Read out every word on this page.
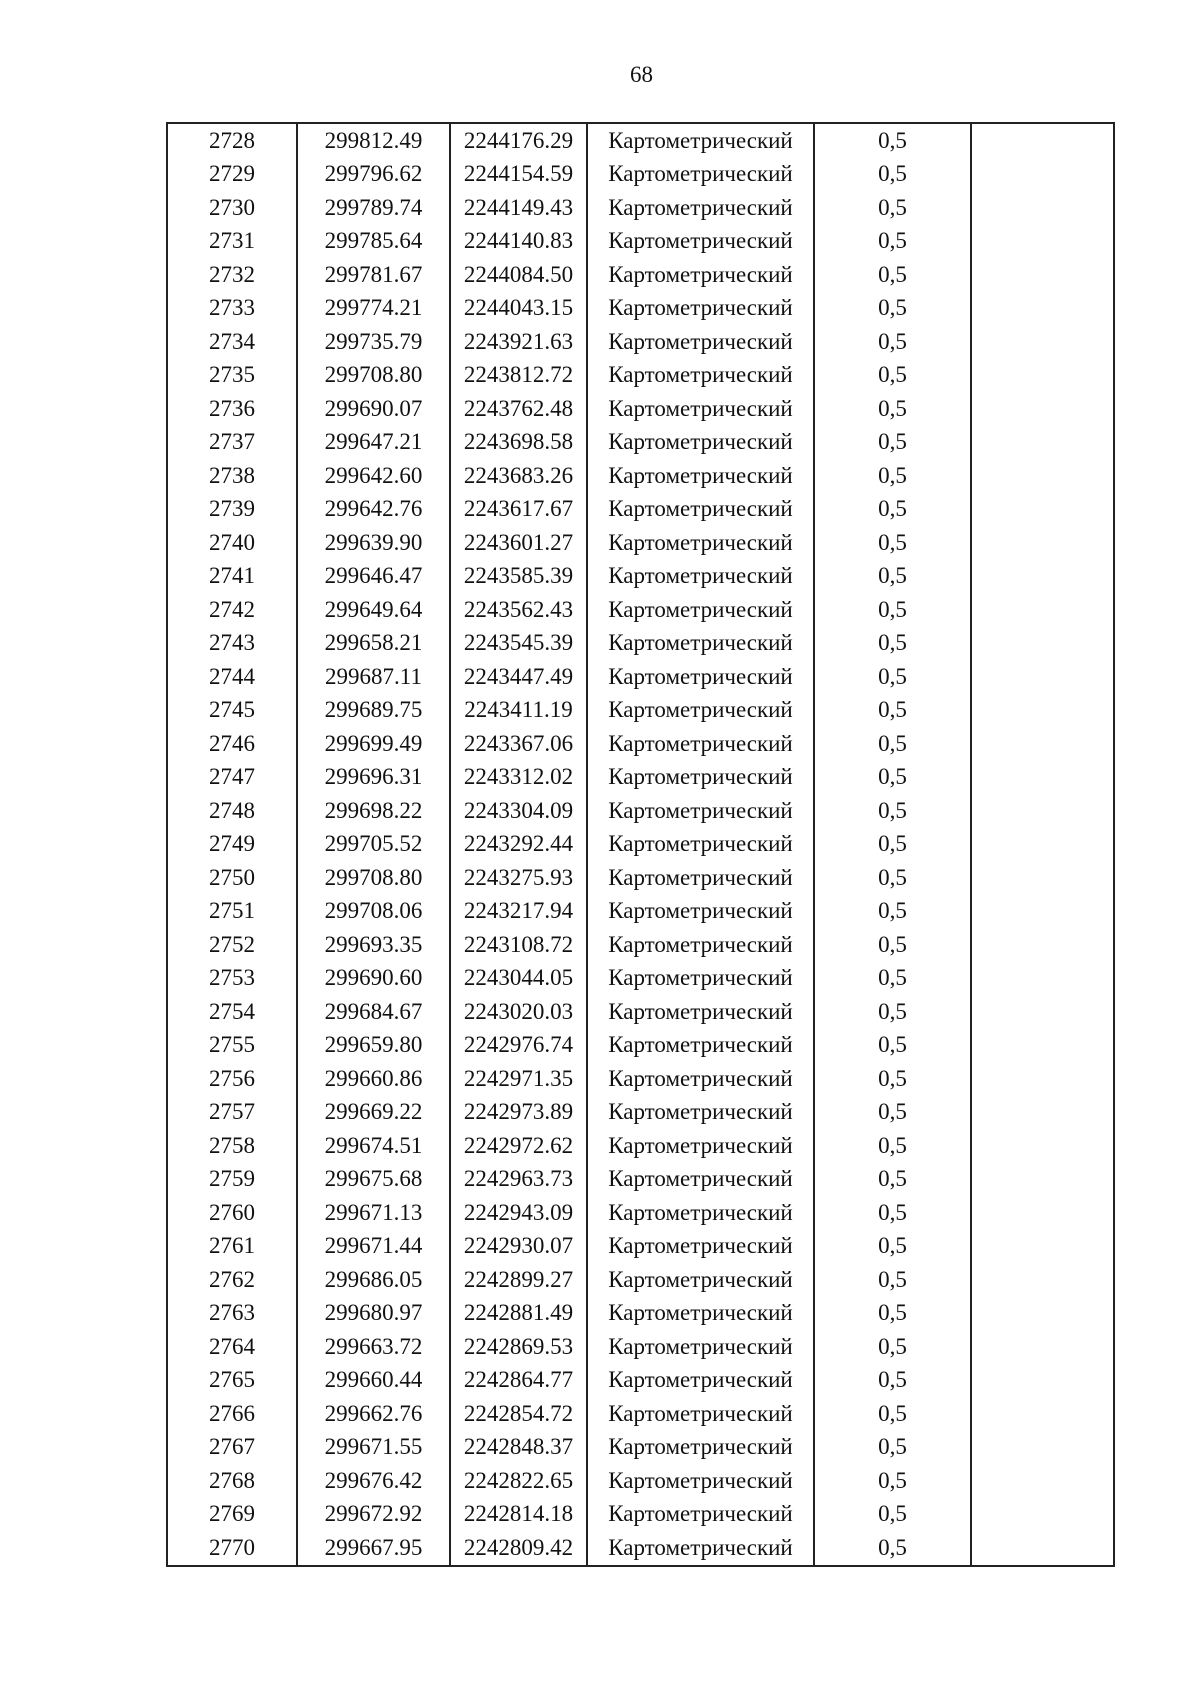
68
2728	299812.49	2244176.29	Картометрический	0,5	
2729	299796.62	2244154.59	Картометрический	0,5	
2730	299789.74	2244149.43	Картометрический	0,5	
2731	299785.64	2244140.83	Картометрический	0,5	
2732	299781.67	2244084.50	Картометрический	0,5	
2733	299774.21	2244043.15	Картометрический	0,5	
2734	299735.79	2243921.63	Картометрический	0,5	
2735	299708.80	2243812.72	Картометрический	0,5	
2736	299690.07	2243762.48	Картометрический	0,5	
2737	299647.21	2243698.58	Картометрический	0,5	
2738	299642.60	2243683.26	Картометрический	0,5	
2739	299642.76	2243617.67	Картометрический	0,5	
2740	299639.90	2243601.27	Картометрический	0,5	
2741	299646.47	2243585.39	Картометрический	0,5	
2742	299649.64	2243562.43	Картометрический	0,5	
2743	299658.21	2243545.39	Картометрический	0,5	
2744	299687.11	2243447.49	Картометрический	0,5	
2745	299689.75	2243411.19	Картометрический	0,5	
2746	299699.49	2243367.06	Картометрический	0,5	
2747	299696.31	2243312.02	Картометрический	0,5	
2748	299698.22	2243304.09	Картометрический	0,5	
2749	299705.52	2243292.44	Картометрический	0,5	
2750	299708.80	2243275.93	Картометрический	0,5	
2751	299708.06	2243217.94	Картометрический	0,5	
2752	299693.35	2243108.72	Картометрический	0,5	
2753	299690.60	2243044.05	Картометрический	0,5	
2754	299684.67	2243020.03	Картометрический	0,5	
2755	299659.80	2242976.74	Картометрический	0,5	
2756	299660.86	2242971.35	Картометрический	0,5	
2757	299669.22	2242973.89	Картометрический	0,5	
2758	299674.51	2242972.62	Картометрический	0,5	
2759	299675.68	2242963.73	Картометрический	0,5	
2760	299671.13	2242943.09	Картометрический	0,5	
2761	299671.44	2242930.07	Картометрический	0,5	
2762	299686.05	2242899.27	Картометрический	0,5	
2763	299680.97	2242881.49	Картометрический	0,5	
2764	299663.72	2242869.53	Картометрический	0,5	
2765	299660.44	2242864.77	Картометрический	0,5	
2766	299662.76	2242854.72	Картометрический	0,5	
2767	299671.55	2242848.37	Картометрический	0,5	
2768	299676.42	2242822.65	Картометрический	0,5	
2769	299672.92	2242814.18	Картометрический	0,5	
2770	299667.95	2242809.42	Картометрический	0,5	
